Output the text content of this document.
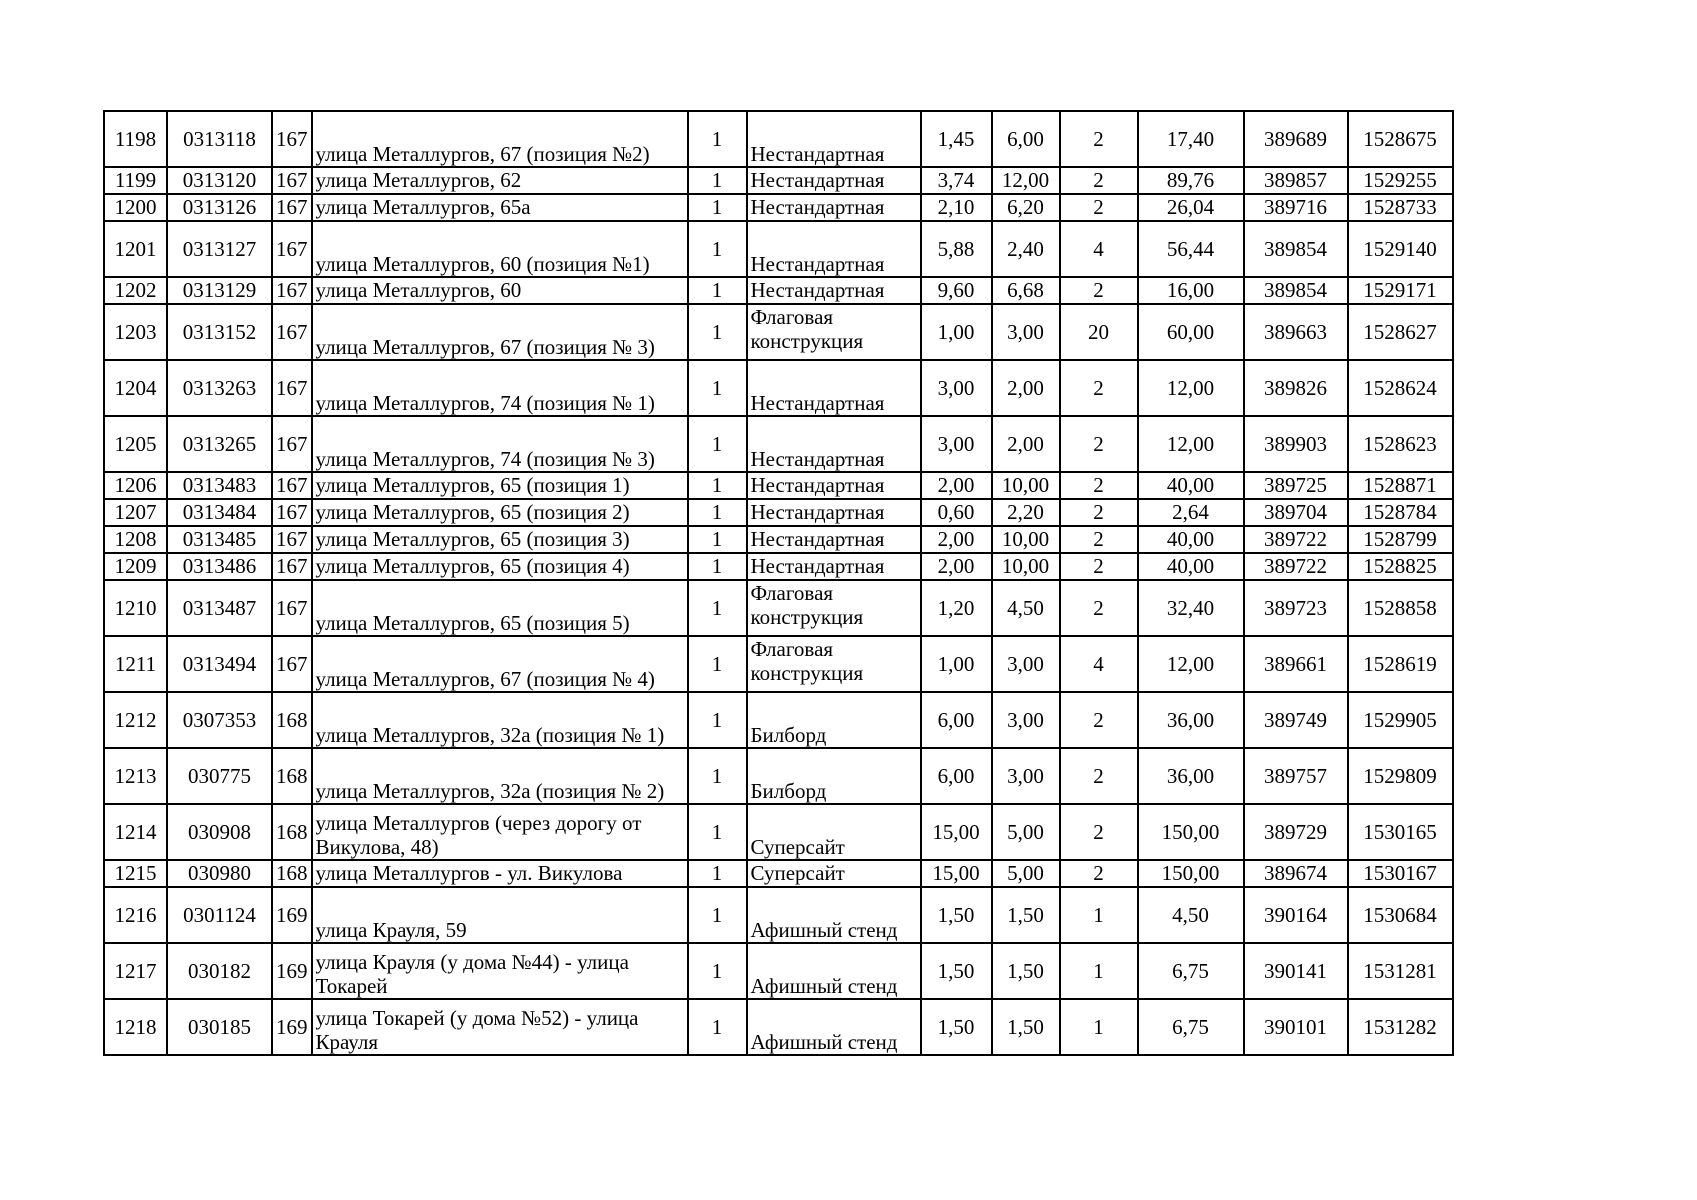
1198	0313118	167	улица Металлургов, 67 (позиция №2)	1	Нестандартная	1,45	6,00	2	17,40	389689	1528675
1199	0313120	167	улица Металлургов, 62	1	Нестандартная	3,74	12,00	2	89,76	389857	1529255
1200	0313126	167	улица Металлургов, 65а	1	Нестандартная	2,10	6,20	2	26,04	389716	1528733
1201	0313127	167	улица Металлургов, 60 (позиция №1)	1	Нестандартная	5,88	2,40	4	56,44	389854	1529140
1202	0313129	167	улица Металлургов, 60	1	Нестандартная	9,60	6,68	2	16,00	389854	1529171
1203	0313152	167	улица Металлургов, 67 (позиция № 3)	1	Флаговая конструкция	1,00	3,00	20	60,00	389663	1528627
1204	0313263	167	улица Металлургов, 74 (позиция № 1)	1	Нестандартная	3,00	2,00	2	12,00	389826	1528624
1205	0313265	167	улица Металлургов, 74 (позиция № 3)	1	Нестандартная	3,00	2,00	2	12,00	389903	1528623
1206	0313483	167	улица Металлургов, 65 (позиция 1)	1	Нестандартная	2,00	10,00	2	40,00	389725	1528871
1207	0313484	167	улица Металлургов, 65 (позиция 2)	1	Нестандартная	0,60	2,20	2	2,64	389704	1528784
1208	0313485	167	улица Металлургов, 65 (позиция 3)	1	Нестандартная	2,00	10,00	2	40,00	389722	1528799
1209	0313486	167	улица Металлургов, 65 (позиция 4)	1	Нестандартная	2,00	10,00	2	40,00	389722	1528825
1210	0313487	167	улица Металлургов, 65 (позиция 5)	1	Флаговая конструкция	1,20	4,50	2	32,40	389723	1528858
1211	0313494	167	улица Металлургов, 67 (позиция № 4)	1	Флаговая конструкция	1,00	3,00	4	12,00	389661	1528619
1212	0307353	168	улица Металлургов, 32а (позиция № 1)	1	Билборд	6,00	3,00	2	36,00	389749	1529905
1213	030775	168	улица Металлургов, 32а (позиция № 2)	1	Билборд	6,00	3,00	2	36,00	389757	1529809
1214	030908	168	улица Металлургов (через дорогу от Викулова, 48)	1	Суперсайт	15,00	5,00	2	150,00	389729	1530165
1215	030980	168	улица Металлургов - ул. Викулова	1	Суперсайт	15,00	5,00	2	150,00	389674	1530167
1216	0301124	169	улица Крауля, 59	1	Афишный стенд	1,50	1,50	1	4,50	390164	1530684
1217	030182	169	улица Крауля (у дома №44) - улица Токарей	1	Афишный стенд	1,50	1,50	1	6,75	390141	1531281
1218	030185	169	улица Токарей (у дома №52) - улица Крауля	1	Афишный стенд	1,50	1,50	1	6,75	390101	1531282
